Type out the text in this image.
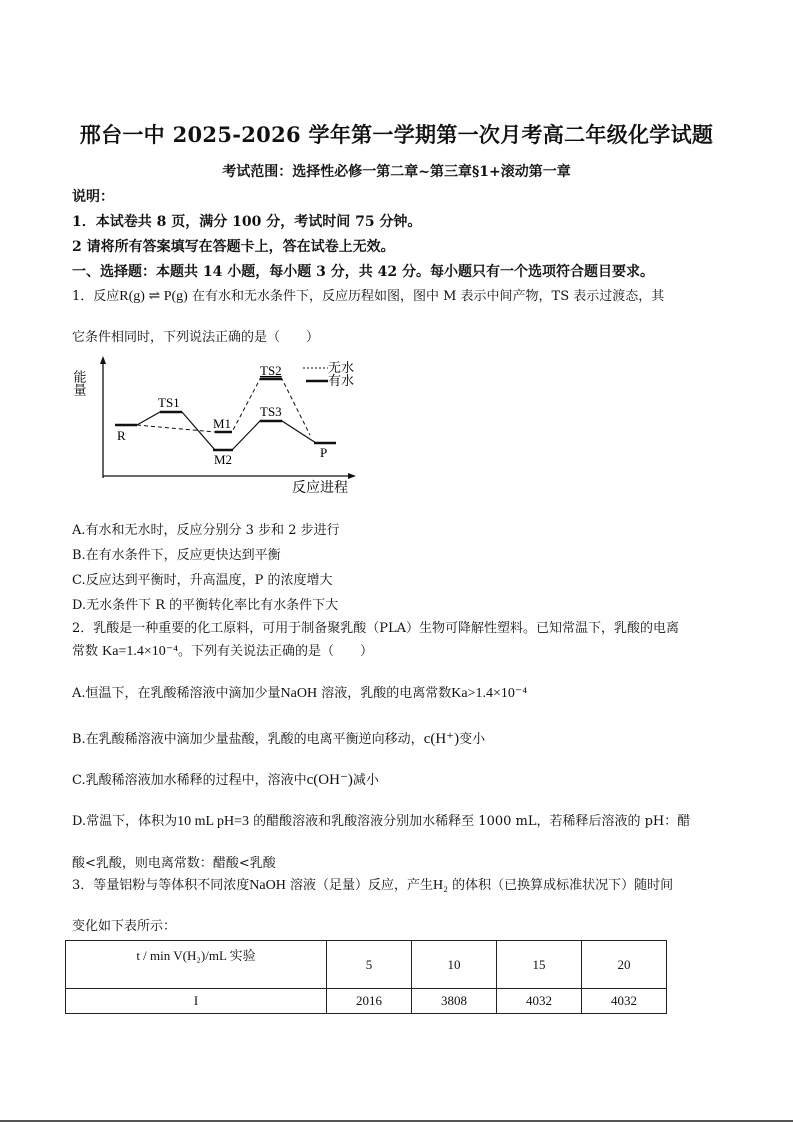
邢台一中 2025-2026 学年第一学期第一次月考高二年级化学试题
考试范围：选择性必修一第二章~第三章§1+滚动第一章
说明：
1．本试卷共 8 页，满分 100 分，考试时间 75 分钟。
2 请将所有答案填写在答题卡上，答在试卷上无效。
一、选择题：本题共 14 小题，每小题 3 分，共 42 分。每小题只有一个选项符合题目要求。
1．反应R(g) ⇌ P(g) 在有水和无水条件下，反应历程如图，图中 M 表示中间产物，TS 表示过渡态，其
它条件相同时，下列说法正确的是（　　）
能量
反应进程
R
TS1
M1
M2
TS2
TS3
P
无水
有水
A.有水和无水时，反应分别分 3 步和 2 步进行
B.在有水条件下，反应更快达到平衡
C.反应达到平衡时，升高温度，P 的浓度增大
D.无水条件下 R 的平衡转化率比有水条件下大
2．乳酸是一种重要的化工原料，可用于制备聚乳酸（PLA）生物可降解性塑料。已知常温下，乳酸的电离
常数 Ka=1.4×10⁻⁴。下列有关说法正确的是（　　）
A.恒温下，在乳酸稀溶液中滴加少量NaOH 溶液，乳酸的电离常数Ka>1.4×10⁻⁴
B.在乳酸稀溶液中滴加少量盐酸，乳酸的电离平衡逆向移动，c(H⁺)变小
C.乳酸稀溶液加水稀释的过程中，溶液中c(OH⁻)减小
D.常温下，体积为10 mL pH=3 的醋酸溶液和乳酸溶液分别加水稀释至 1000 mL，若稀释后溶液的 pH：醋
酸<乳酸，则电离常数：醋酸<乳酸
3．等量铝粉与等体积不同浓度NaOH 溶液（足量）反应，产生H₂ 的体积（已换算成标准状况下）随时间
变化如下表所示：
t / min V(H₂)/mL 实验	5	10	15	20
I	2016	3808	4032	4032
